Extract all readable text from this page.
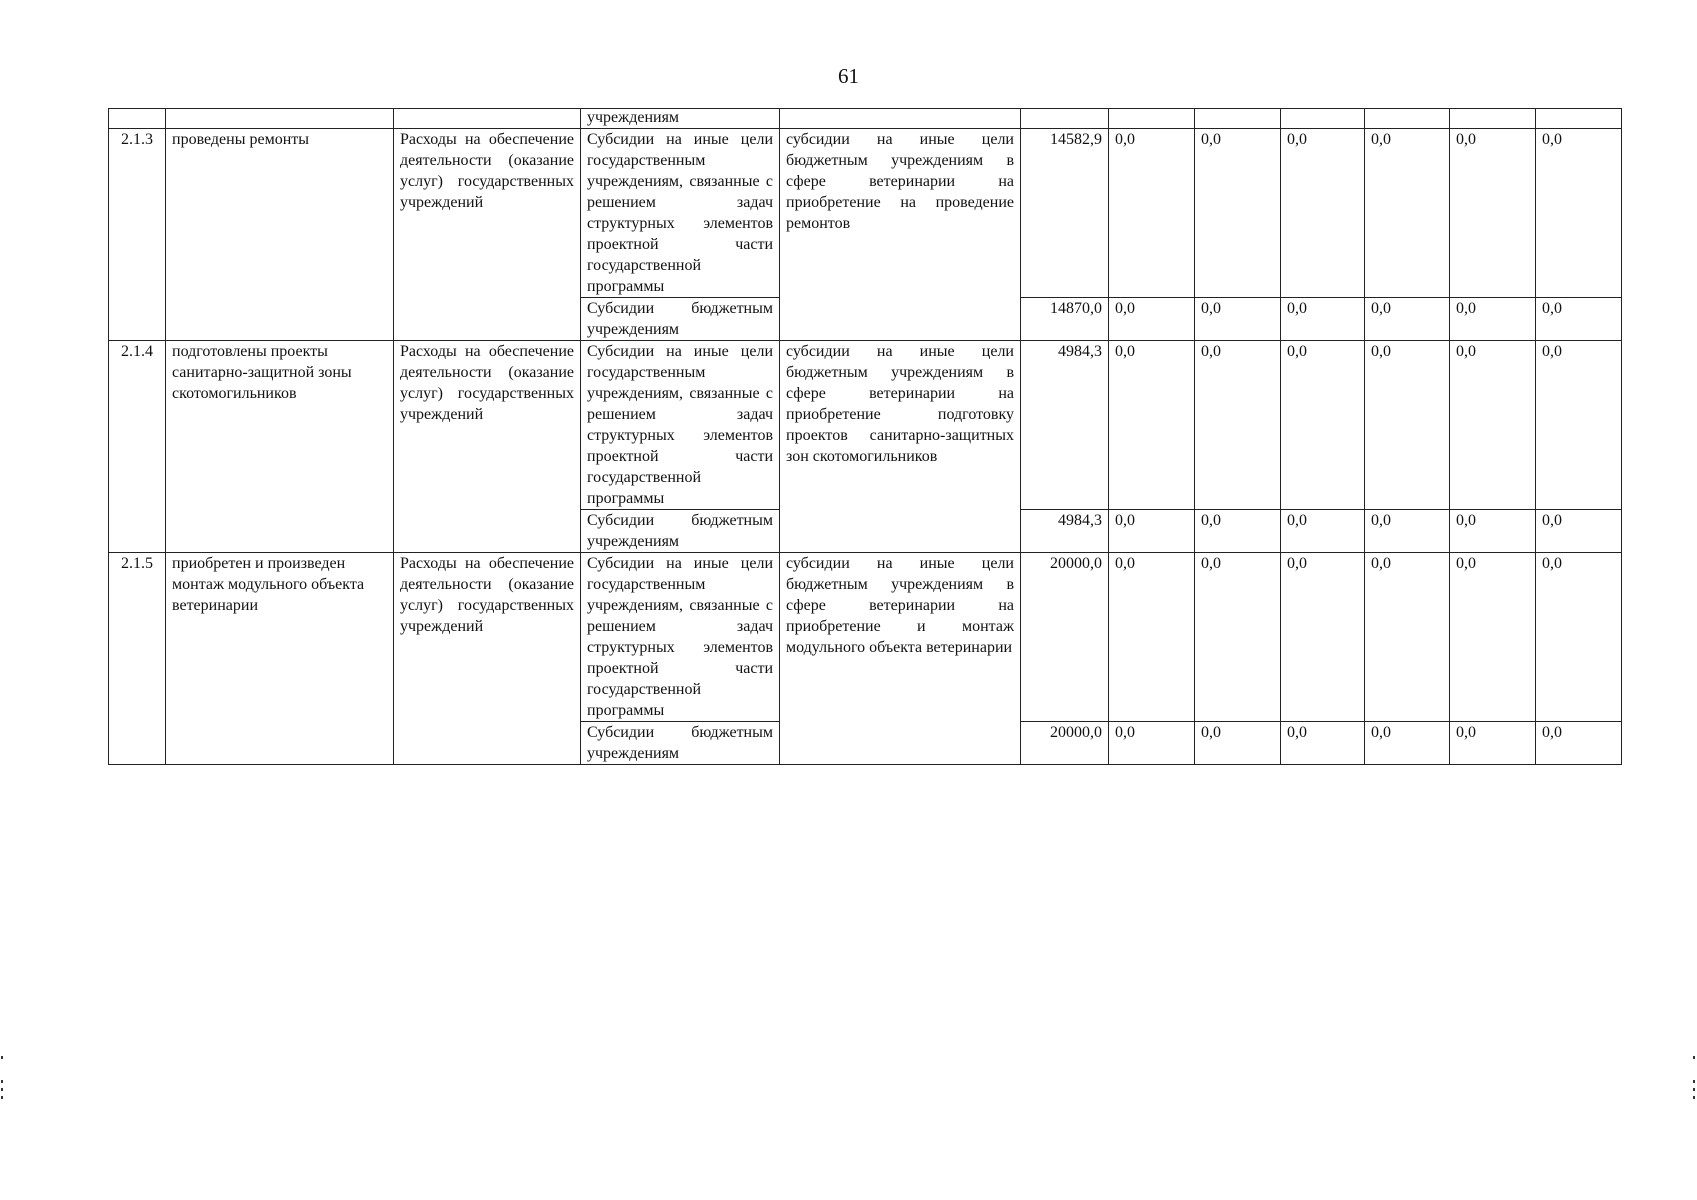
61
			учреждениям								
2.1.3	проведены ремонты	Расходы на обеспечение деятельности (оказание услуг) государственных учреждений	Субсидии на иные цели государственным учреждениям, связанные с решением задач структурных элементов проектной части государственной программы	субсидии на иные цели бюджетным учреждениям в сфере ветеринарии на приобретение на проведение ремонтов	14582,9	0,0	0,0	0,0	0,0	0,0	0,0
			Субсидии бюджетным учреждениям		14870,0	0,0	0,0	0,0	0,0	0,0	0,0
2.1.4	подготовлены проекты санитарно-защитной зоны скотомогильников	Расходы на обеспечение деятельности (оказание услуг) государственных учреждений	Субсидии на иные цели государственным учреждениям, связанные с решением задач структурных элементов проектной части государственной программы	субсидии на иные цели бюджетным учреждениям в сфере ветеринарии на приобретение подготовку проектов санитарно-защитных зон скотомогильников	4984,3	0,0	0,0	0,0	0,0	0,0	0,0
			Субсидии бюджетным учреждениям		4984,3	0,0	0,0	0,0	0,0	0,0	0,0
2.1.5	приобретен и произведен монтаж модульного объекта ветеринарии	Расходы на обеспечение деятельности (оказание услуг) государственных учреждений	Субсидии на иные цели государственным учреждениям, связанные с решением задач структурных элементов проектной части государственной программы	субсидии на иные цели бюджетным учреждениям в сфере ветеринарии на приобретение и монтаж модульного объекта ветеринарии	20000,0	0,0	0,0	0,0	0,0	0,0	0,0
			Субсидии бюджетным учреждениям		20000,0	0,0	0,0	0,0	0,0	0,0	0,0
